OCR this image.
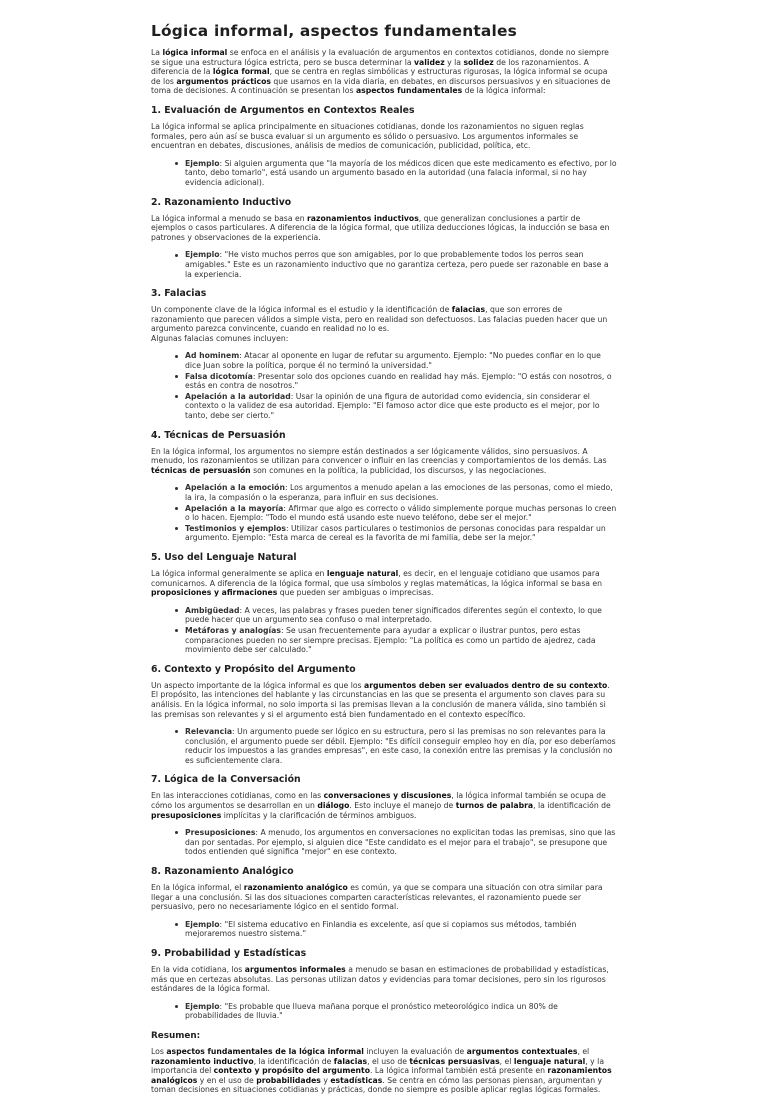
Lógica informal, aspectos fundamentales

La lógica informal se enfoca en el análisis y la evaluación de argumentos en contextos cotidianos, donde no siempre se sigue una estructura lógica estricta, pero se busca determinar la validez y la solidez de los razonamientos. A diferencia de la lógica formal, que se centra en reglas simbólicas y estructuras rigurosas, la lógica informal se ocupa de los argumentos prácticos que usamos en la vida diaria, en debates, en discursos persuasivos y en situaciones de toma de decisiones. A continuación se presentan los aspectos fundamentales de la lógica informal:

1. Evaluación de Argumentos en Contextos Reales

La lógica informal se aplica principalmente en situaciones cotidianas, donde los razonamientos no siguen reglas formales, pero aún así se busca evaluar si un argumento es sólido o persuasivo. Los argumentos informales se encuentran en debates, discusiones, análisis de medios de comunicación, publicidad, política, etc.

Ejemplo: Si alguien argumenta que "la mayoría de los médicos dicen que este medicamento es efectivo, por lo tanto, debo tomarlo", está usando un argumento basado en la autoridad (una falacia informal, si no hay evidencia adicional).
2. Razonamiento Inductivo

La lógica informal a menudo se basa en razonamientos inductivos, que generalizan conclusiones a partir de ejemplos o casos particulares. A diferencia de la lógica formal, que utiliza deducciones lógicas, la inducción se basa en patrones y observaciones de la experiencia.

Ejemplo: "He visto muchos perros que son amigables, por lo que probablemente todos los perros sean amigables." Este es un razonamiento inductivo que no garantiza certeza, pero puede ser razonable en base a la experiencia.
3. Falacias

Un componente clave de la lógica informal es el estudio y la identificación de falacias, que son errores de razonamiento que parecen válidos a simple vista, pero en realidad son defectuosos. Las falacias pueden hacer que un argumento parezca convincente, cuando en realidad no lo es.
Algunas falacias comunes incluyen:

Ad hominem: Atacar al oponente en lugar de refutar su argumento. Ejemplo: "No puedes confiar en lo que dice Juan sobre la política, porque él no terminó la universidad."
Falsa dicotomía: Presentar solo dos opciones cuando en realidad hay más. Ejemplo: "O estás con nosotros, o estás en contra de nosotros."
Apelación a la autoridad: Usar la opinión de una figura de autoridad como evidencia, sin considerar el contexto o la validez de esa autoridad. Ejemplo: "El famoso actor dice que este producto es el mejor, por lo tanto, debe ser cierto."
4. Técnicas de Persuasión

En la lógica informal, los argumentos no siempre están destinados a ser lógicamente válidos, sino persuasivos. A menudo, los razonamientos se utilizan para convencer o influir en las creencias y comportamientos de los demás. Las técnicas de persuasión son comunes en la política, la publicidad, los discursos, y las negociaciones.

Apelación a la emoción: Los argumentos a menudo apelan a las emociones de las personas, como el miedo, la ira, la compasión o la esperanza, para influir en sus decisiones.
Apelación a la mayoría: Afirmar que algo es correcto o válido simplemente porque muchas personas lo creen o lo hacen. Ejemplo: "Todo el mundo está usando este nuevo teléfono, debe ser el mejor."
Testimonios y ejemplos: Utilizar casos particulares o testimonios de personas conocidas para respaldar un argumento. Ejemplo: "Esta marca de cereal es la favorita de mi familia, debe ser la mejor."
5. Uso del Lenguaje Natural

La lógica informal generalmente se aplica en lenguaje natural, es decir, en el lenguaje cotidiano que usamos para comunicarnos. A diferencia de la lógica formal, que usa símbolos y reglas matemáticas, la lógica informal se basa en proposiciones y afirmaciones que pueden ser ambiguas o imprecisas.

Ambigüedad: A veces, las palabras y frases pueden tener significados diferentes según el contexto, lo que puede hacer que un argumento sea confuso o mal interpretado.
Metáforas y analogías: Se usan frecuentemente para ayudar a explicar o ilustrar puntos, pero estas comparaciones pueden no ser siempre precisas. Ejemplo: "La política es como un partido de ajedrez, cada movimiento debe ser calculado."
6. Contexto y Propósito del Argumento

Un aspecto importante de la lógica informal es que los argumentos deben ser evaluados dentro de su contexto. El propósito, las intenciones del hablante y las circunstancias en las que se presenta el argumento son claves para su análisis. En la lógica informal, no solo importa si las premisas llevan a la conclusión de manera válida, sino también si las premisas son relevantes y si el argumento está bien fundamentado en el contexto específico.

Relevancia: Un argumento puede ser lógico en su estructura, pero si las premisas no son relevantes para la conclusión, el argumento puede ser débil. Ejemplo: "Es difícil conseguir empleo hoy en día, por eso deberíamos reducir los impuestos a las grandes empresas", en este caso, la conexión entre las premisas y la conclusión no es suficientemente clara.
7. Lógica de la Conversación

En las interacciones cotidianas, como en las conversaciones y discusiones, la lógica informal también se ocupa de cómo los argumentos se desarrollan en un diálogo. Esto incluye el manejo de turnos de palabra, la identificación de presuposiciones implícitas y la clarificación de términos ambiguos.

Presuposiciones: A menudo, los argumentos en conversaciones no explicitan todas las premisas, sino que las dan por sentadas. Por ejemplo, si alguien dice "Este candidato es el mejor para el trabajo", se presupone que todos entienden qué significa "mejor" en ese contexto.
8. Razonamiento Analógico

En la lógica informal, el razonamiento analógico es común, ya que se compara una situación con otra similar para llegar a una conclusión. Si las dos situaciones comparten características relevantes, el razonamiento puede ser persuasivo, pero no necesariamente lógico en el sentido formal.

Ejemplo: "El sistema educativo en Finlandia es excelente, así que si copiamos sus métodos, también mejoraremos nuestro sistema."
9. Probabilidad y Estadísticas

En la vida cotidiana, los argumentos informales a menudo se basan en estimaciones de probabilidad y estadísticas, más que en certezas absolutas. Las personas utilizan datos y evidencias para tomar decisiones, pero sin los rigurosos estándares de la lógica formal.

Ejemplo: "Es probable que llueva mañana porque el pronóstico meteorológico indica un 80% de probabilidades de lluvia."
Resumen:

Los aspectos fundamentales de la lógica informal incluyen la evaluación de argumentos contextuales, el razonamiento inductivo, la identificación de falacias, el uso de técnicas persuasivas, el lenguaje natural, y la importancia del contexto y propósito del argumento. La lógica informal también está presente en razonamientos analógicos y en el uso de probabilidades y estadísticas. Se centra en cómo las personas piensan, argumentan y toman decisiones en situaciones cotidianas y prácticas, donde no siempre es posible aplicar reglas lógicas formales.
